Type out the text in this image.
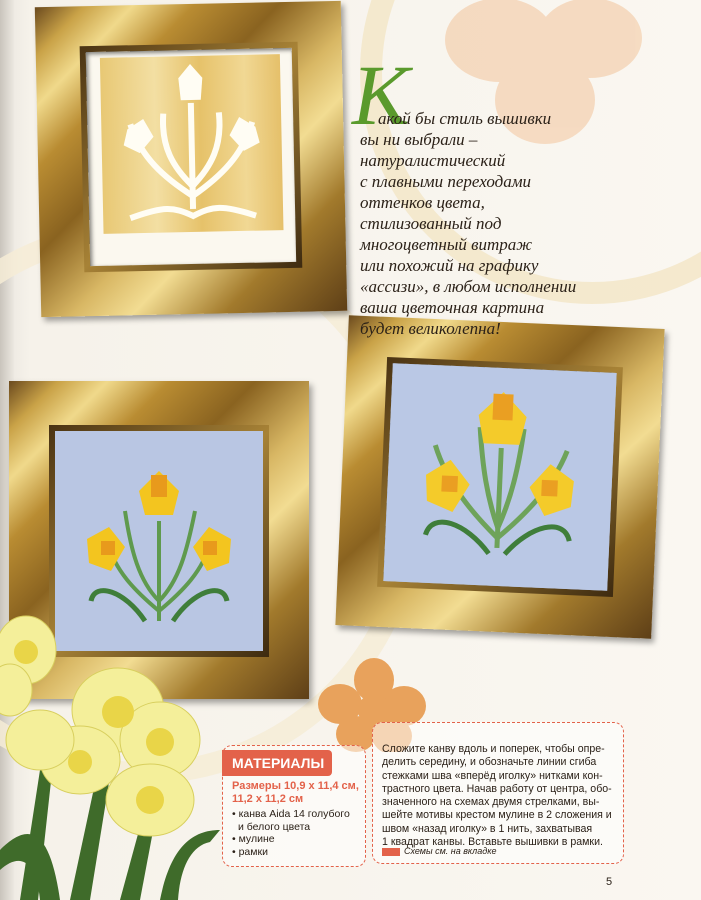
К
акой бы стиль вышивки
вы ни выбрали –
натуралистический
с плавными переходами
оттенков цвета,
стилизованный под
многоцветный витраж
или похожий на графику
«ассизи», в любом исполнении
ваша цветочная картина
будет великолепна!
МАТЕРИАЛЫ
Размеры 10,9 х 11,4 см, 11,2 х 11,2 см
• канва Aida 14 голубого
и белого цвета
• мулине
• рамки
Сложите канву вдоль и поперек, чтобы опре-
делить середину, и обозначьте линии сгиба
стежками шва «вперёд иголку» нитками кон-
трастного цвета. Начав работу от центра, обо-
значенного на схемах двумя стрелками, вы-
шейте мотивы крестом мулине в 2 сложения и
швом «назад иголку» в 1 нить, захватывая
1 квадрат канвы. Вставьте вышивки в рамки.
Схемы см. на вкладке
5
